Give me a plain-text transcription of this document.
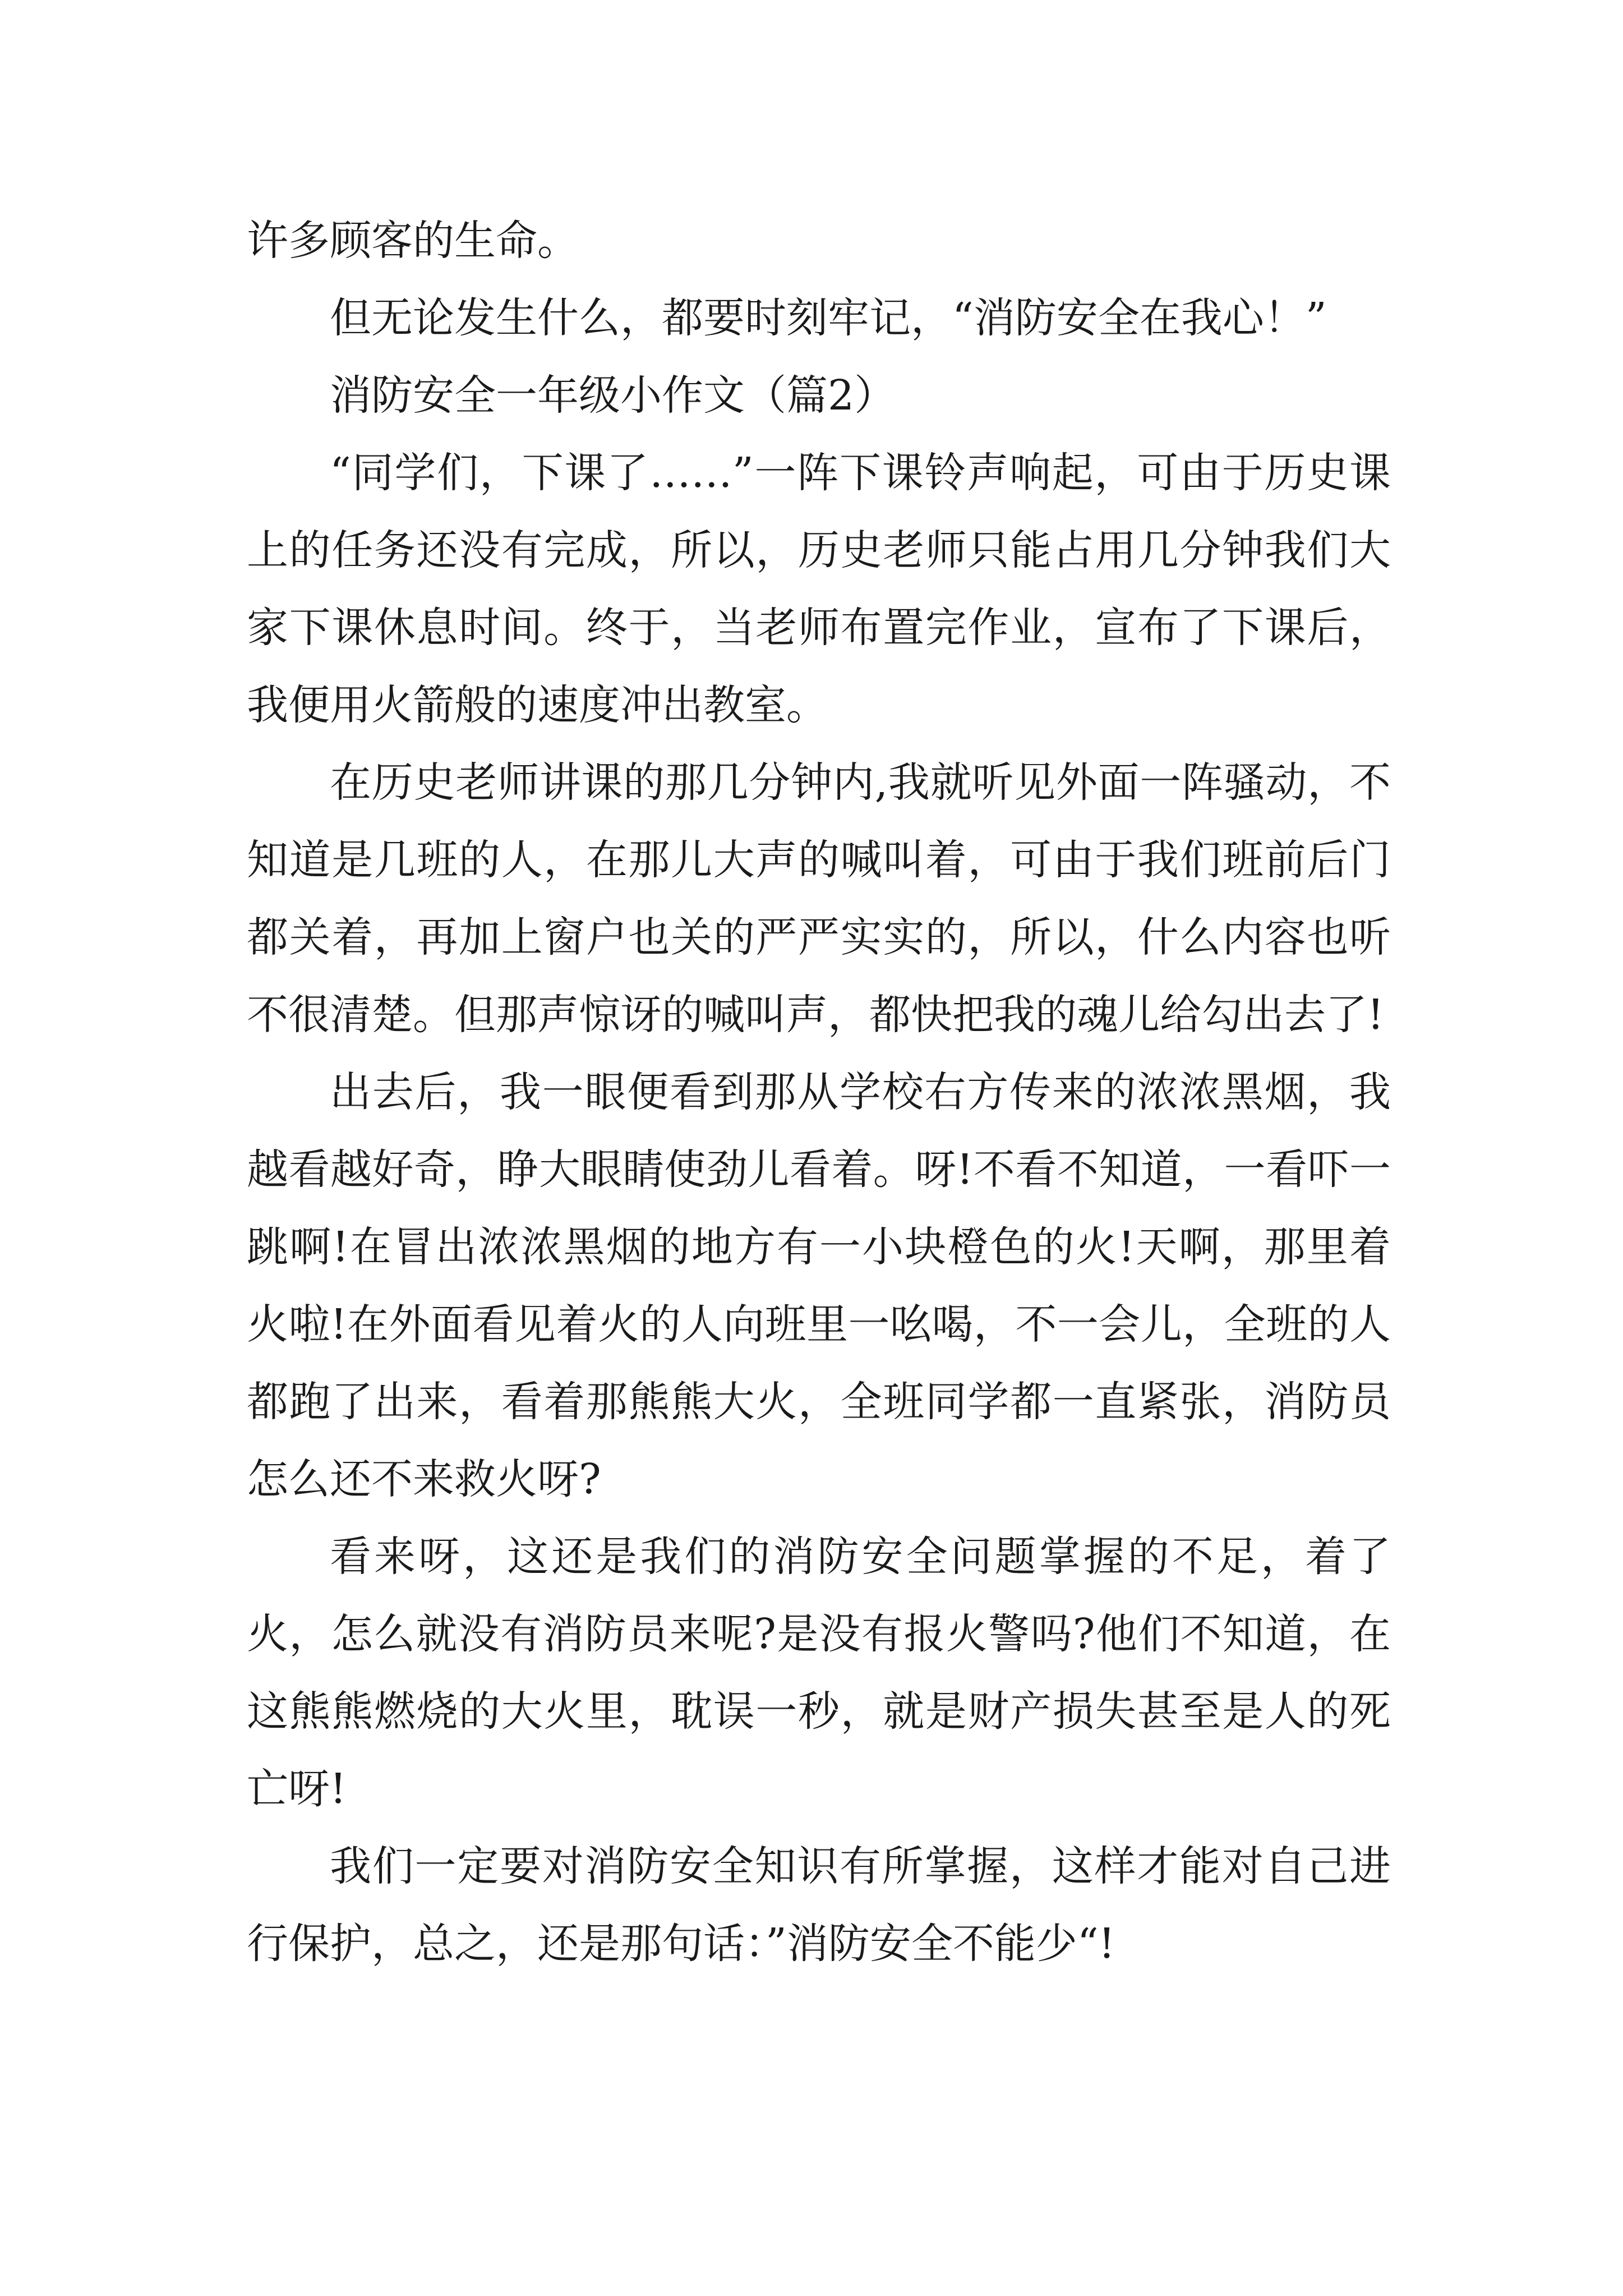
许多顾客的生命。

但无论发生什么，都要时刻牢记，“消防安全在我心！”

消防安全一年级小作文（篇2）

“同学们，下课了……”一阵下课铃声响起，可由于历史课上的任务还没有完成，所以，历史老师只能占用几分钟我们大家下课休息时间。终于，当老师布置完作业，宣布了下课后，我便用火箭般的速度冲出教室。

在历史老师讲课的那几分钟内,我就听见外面一阵骚动，不知道是几班的人，在那儿大声的喊叫着，可由于我们班前后门都关着，再加上窗户也关的严严实实的，所以，什么内容也听不很清楚。但那声惊讶的喊叫声，都快把我的魂儿给勾出去了!

出去后，我一眼便看到那从学校右方传来的浓浓黑烟，我越看越好奇，睁大眼睛使劲儿看着。呀!不看不知道，一看吓一跳啊!在冒出浓浓黑烟的地方有一小块橙色的火!天啊，那里着火啦!在外面看见着火的人向班里一吆喝，不一会儿，全班的人都跑了出来，看着那熊熊大火，全班同学都一直紧张，消防员怎么还不来救火呀?

看来呀，这还是我们的消防安全问题掌握的不足，着了火，怎么就没有消防员来呢?是没有报火警吗?他们不知道，在这熊熊燃烧的大火里，耽误一秒，就是财产损失甚至是人的死亡呀!

我们一定要对消防安全知识有所掌握，这样才能对自己进行保护，总之，还是那句话：”消防安全不能少“!
